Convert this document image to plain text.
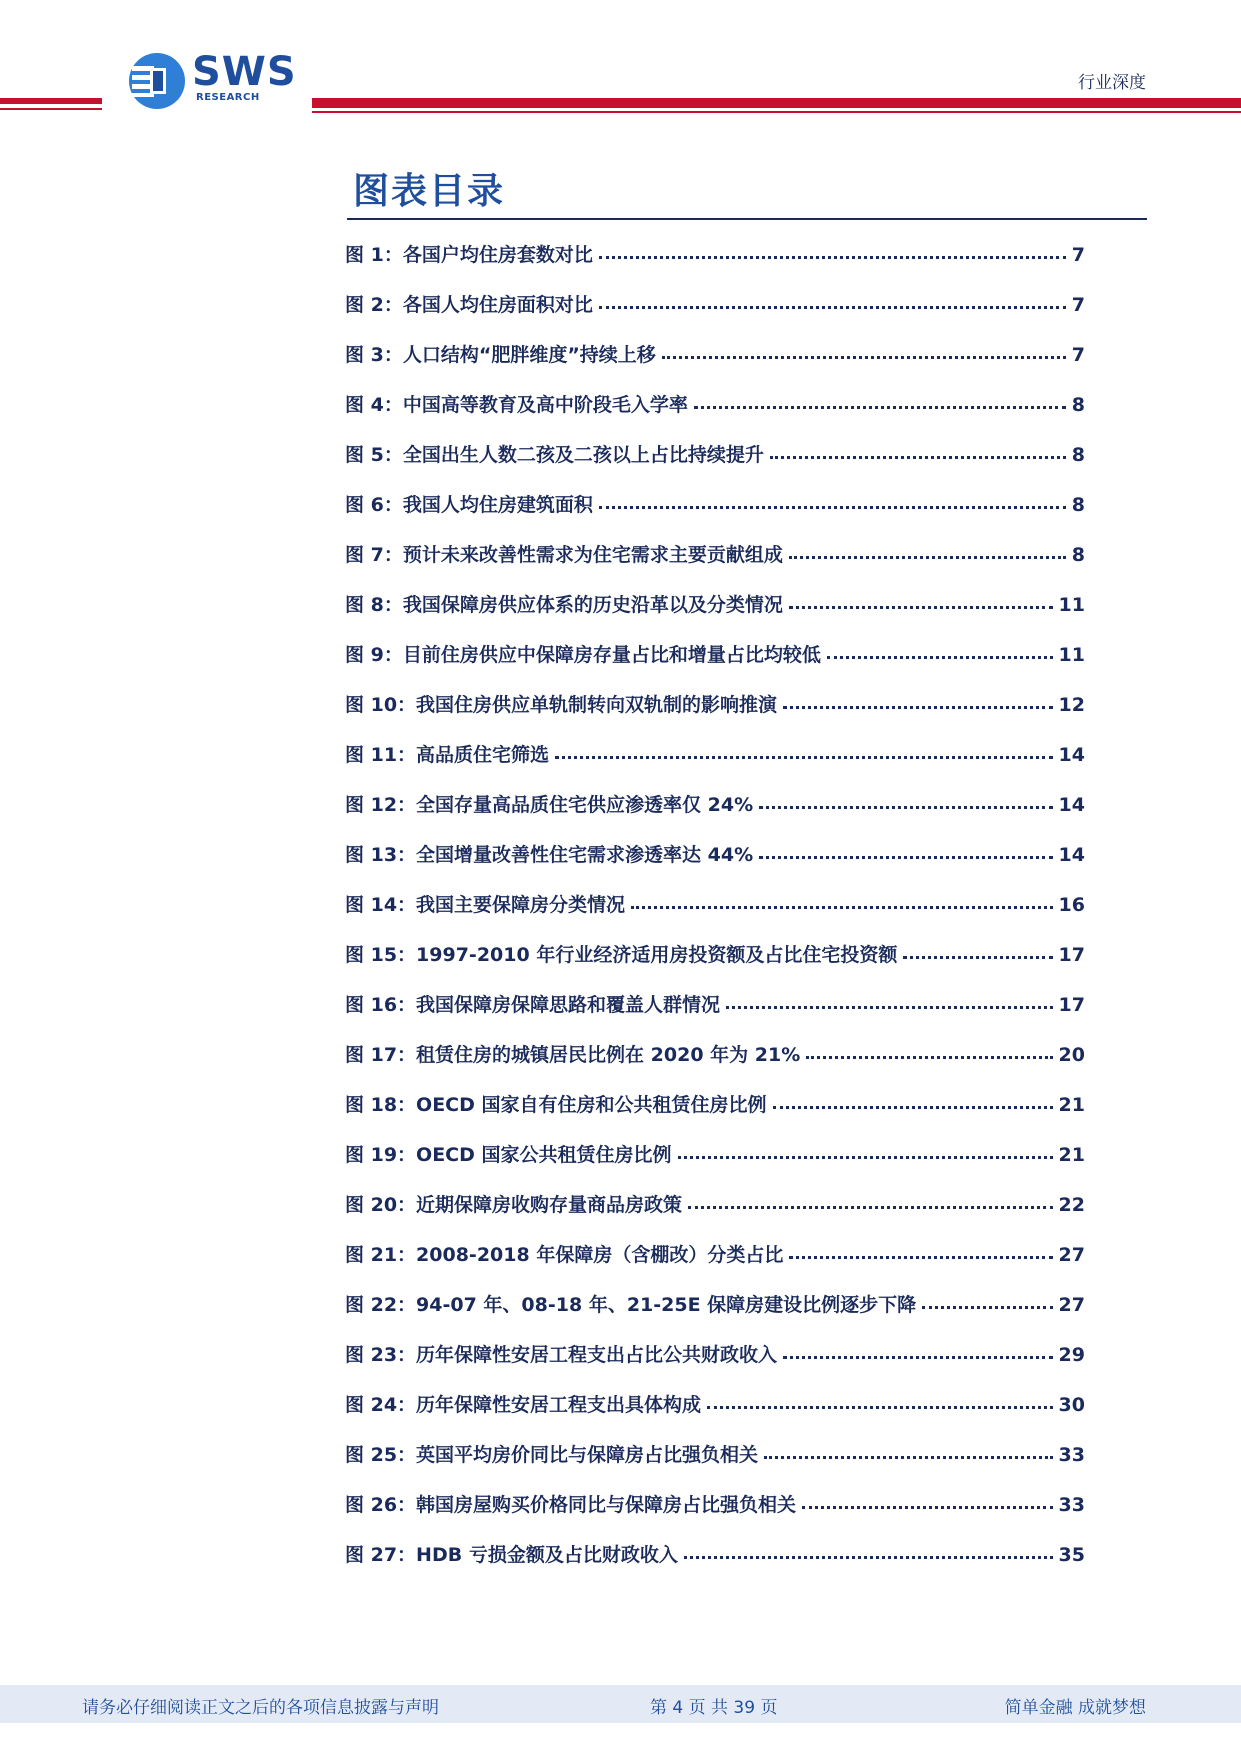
SWS
RESEARCH
行业深度
图表目录
图 1：各国户均住房套数对比	7
图 2：各国人均住房面积对比	7
图 3：人口结构“肥胖维度”持续上移	7
图 4：中国高等教育及高中阶段毛入学率	8
图 5：全国出生人数二孩及二孩以上占比持续提升	8
图 6：我国人均住房建筑面积	8
图 7：预计未来改善性需求为住宅需求主要贡献组成	8
图 8：我国保障房供应体系的历史沿革以及分类情况	11
图 9：目前住房供应中保障房存量占比和增量占比均较低	11
图 10：我国住房供应单轨制转向双轨制的影响推演	12
图 11：高品质住宅筛选	14
图 12：全国存量高品质住宅供应渗透率仅 24%	14
图 13：全国增量改善性住宅需求渗透率达 44%	14
图 14：我国主要保障房分类情况	16
图 15：1997-2010 年行业经济适用房投资额及占比住宅投资额	17
图 16：我国保障房保障思路和覆盖人群情况	17
图 17：租赁住房的城镇居民比例在 2020 年为 21%	20
图 18：OECD 国家自有住房和公共租赁住房比例	21
图 19：OECD 国家公共租赁住房比例	21
图 20：近期保障房收购存量商品房政策	22
图 21：2008-2018 年保障房（含棚改）分类占比	27
图 22：94-07 年、08-18 年、21-25E 保障房建设比例逐步下降	27
图 23：历年保障性安居工程支出占比公共财政收入	29
图 24：历年保障性安居工程支出具体构成	30
图 25：英国平均房价同比与保障房占比强负相关	33
图 26：韩国房屋购买价格同比与保障房占比强负相关	33
图 27：HDB 亏损金额及占比财政收入	35
请务必仔细阅读正文之后的各项信息披露与声明	第 4 页 共 39 页	简单金融 成就梦想
